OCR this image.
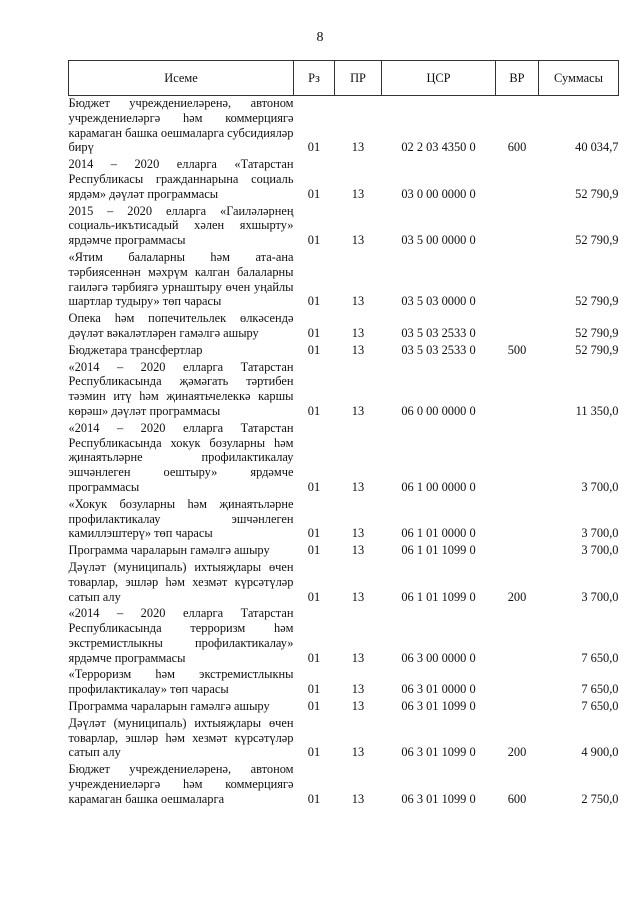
8
Исеме	Рз	ПР	ЦСР	ВР	Суммасы
Бюджет учреждениеләренә, автоном учреждениеләргә һәм коммерциягә карамаган башка оешмаларга субсидияләр бирү	01	13	02 2 03 4350 0	600	40 034,7
2014 – 2020 елларга «Татарстан Республикасы гражданнарына социаль ярдәм» дәүләт программасы	01	13	03 0 00 0000 0		52 790,9
2015 – 2020 елларга «Гаиләләрнең социаль-икътисадый хәлен яхшырту» ярдәмче программасы	01	13	03 5 00 0000 0		52 790,9
«Ятим балаларны һәм ата-ана тәрбиясеннән мәхрүм калган балаларны гаиләгә тәрбиягә урнаштыру өчен уңайлы шартлар тудыру» төп чарасы	01	13	03 5 03 0000 0		52 790,9
Опека һәм попечительлек өлкәсендә дәүләт вәкаләтләрен гамәлгә ашыру	01	13	03 5 03 2533 0		52 790,9
Бюджетара трансфертлар	01	13	03 5 03 2533 0	500	52 790,9
«2014 – 2020 елларга Татарстан Республикасында җәмәгать тәртибен тәэмин итү һәм җинаятьчелеккә каршы көрәш» дәүләт программасы	01	13	06 0 00 0000 0		11 350,0
«2014 – 2020 елларга Татарстан Республикасында хокук бозуларны һәм җинаятьләрне профилактикалау эшчәнлеген оештыру» ярдәмче программасы	01	13	06 1 00 0000 0		3 700,0
«Хокук бозуларны һәм җинаятьләрне профилактикалау эшчәнлеген камиллэштерү» төп чарасы	01	13	06 1 01 0000 0		3 700,0
Программа чараларын гамәлгә ашыру	01	13	06 1 01 1099 0		3 700,0
Дәүләт (муниципаль) ихтыяҗлары өчен товарлар, эшләр һәм хезмәт күрсәтүләр сатып алу	01	13	06 1 01 1099 0	200	3 700,0
«2014 – 2020 елларга Татарстан Республикасында терроризм һәм экстремистлыкны профилактикалау» ярдәмче программасы	01	13	06 3 00 0000 0		7 650,0
«Терроризм һәм экстремистлыкны профилактикалау» төп чарасы	01	13	06 3 01 0000 0		7 650,0
Программа чараларын гамәлгә ашыру	01	13	06 3 01 1099 0		7 650,0
Дәүләт (муниципаль) ихтыяҗлары өчен товарлар, эшләр һәм хезмәт күрсәтүләр сатып алу	01	13	06 3 01 1099 0	200	4 900,0
Бюджет учреждениеләренә, автоном учреждениеләргә һәм коммерциягә карамаган башка оешмаларга	01	13	06 3 01 1099 0	600	2 750,0
